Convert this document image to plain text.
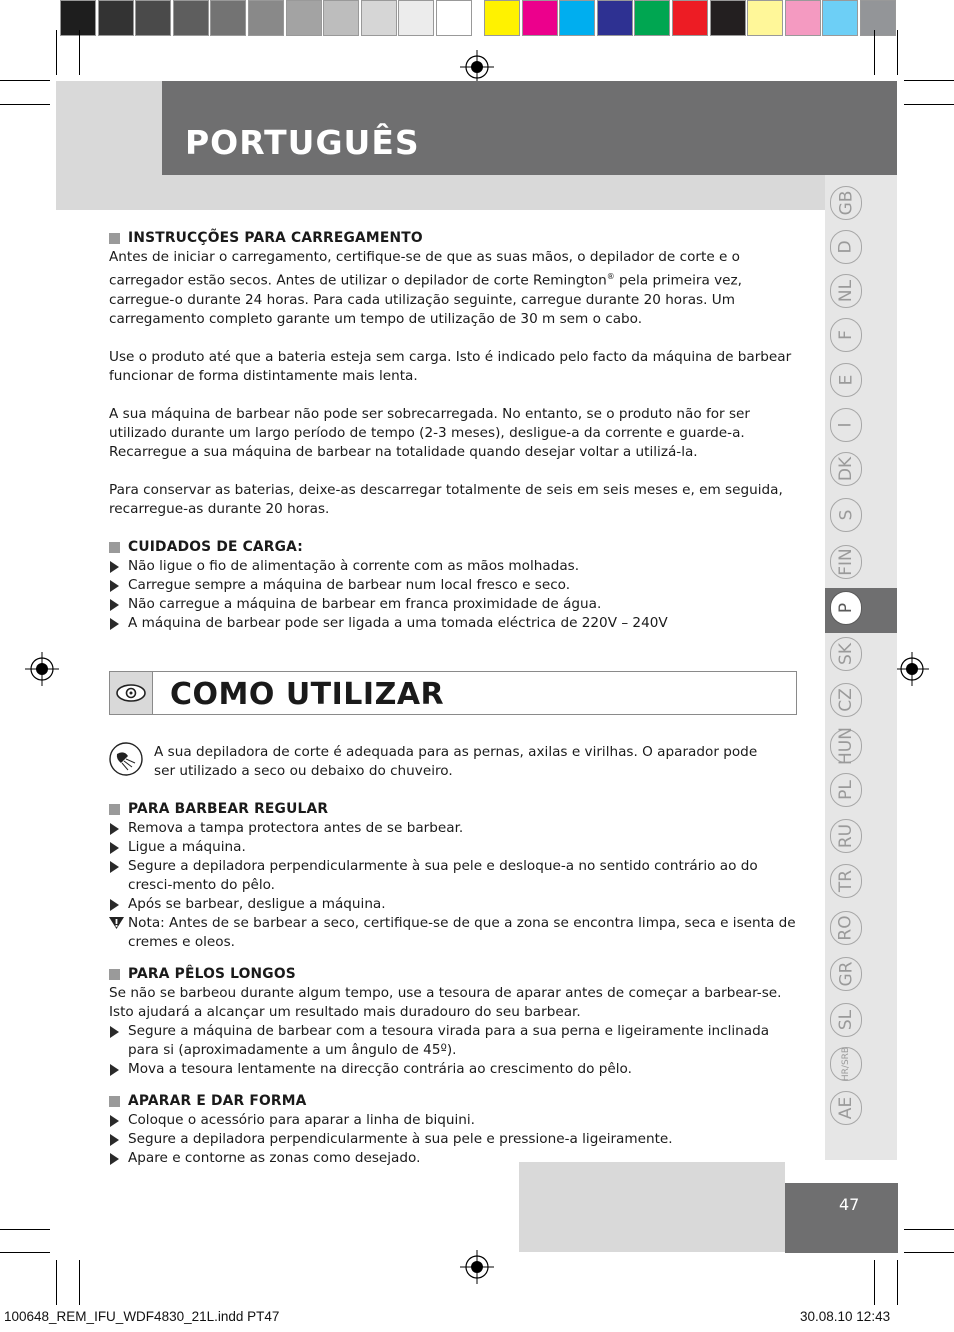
PORTUGUÊS
GB
D
NL
F
E
I
DK
S
FIN
P
SK
CZ
HUN
PL
RU
TR
RO
GR
SL
HR/SRB
AE
INSTRUCÇÕES PARA CARREGAMENTO

Antes de iniciar o carregamento, certifique-se de que as suas mãos, o depilador de corte e o carregador estão secos. Antes de utilizar o depilador de corte Remington® pela primeira vez, carregue-o durante 24 horas. Para cada utilização seguinte, carregue durante 20 horas. Um carregamento completo garante um tempo de utilização de 30 m sem o cabo.

Use o produto até que a bateria esteja sem carga. Isto é indicado pelo facto da máquina de barbear funcionar de forma distintamente mais lenta.

A sua máquina de barbear não pode ser sobrecarregada. No entanto, se o produto não for ser utilizado durante um largo período de tempo (2-3 meses), desligue-a da corrente e guarde-a. Recarregue a sua máquina de barbear na totalidade quando desejar voltar a utilizá-la.

Para conservar as baterias, deixe-as descarregar totalmente de seis em seis meses e, em seguida, recarregue-as durante 20 horas.

CUIDADOS DE CARGA:
Não ligue o fio de alimentação à corrente com as mãos molhadas.
Carregue sempre a máquina de barbear num local fresco e seco.
Não carregue a máquina de barbear em franca proximidade de água.
A máquina de barbear pode ser ligada a uma tomada eléctrica de 220V – 240V
COMO UTILIZAR
A sua depiladora de corte é adequada para as pernas, axilas e virilhas. O aparador pode ser utilizado a seco ou debaixo do chuveiro.
PARA BARBEAR REGULAR
Remova a tampa protectora antes de se barbear.
Ligue a máquina.
Segure a depiladora perpendicularmente à sua pele e desloque-a no sentido contrário ao do cresci-mento do pêlo.
Após se barbear, desligue a máquina.
Nota: Antes de se barbear a seco, certifique-se de que a zona se encontra limpa, seca e isenta de cremes e oleos.
PARA PÊLOS LONGOS

Se não se barbeou durante algum tempo, use a tesoura de aparar antes de começar a barbear-se. Isto ajudará a alcançar um resultado mais duradouro do seu barbear.

Segure a máquina de barbear com a tesoura virada para a sua perna e ligeiramente inclinada para si (aproximadamente a um ângulo de 45º).
Mova a tesoura lentamente na direcção contrária ao crescimento do pêlo.
APARAR E DAR FORMA
Coloque o acessório para aparar a linha de biquini.
Segure a depiladora perpendicularmente à sua pele e pressione-a ligeiramente.
Apare e contorne as zonas como desejado.
47
100648_REM_IFU_WDF4830_21L.indd PT47	30.08.10 12:43
